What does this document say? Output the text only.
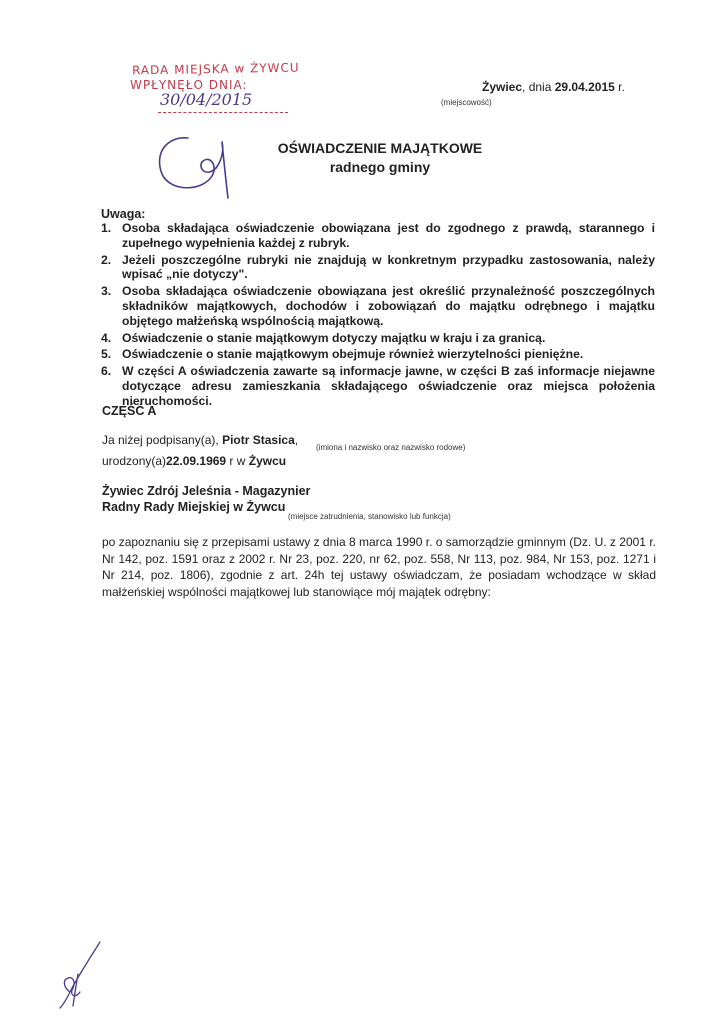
RADA MIEJSKA w ŻYWCU
WPŁYNĘŁO DNIA:
30/04/2015
Żywiec, dnia 29.04.2015 r.
(miejscowość)
OŚWIADCZENIE MAJĄTKOWE
radnego gminy
Uwaga:
1. Osoba składająca oświadczenie obowiązana jest do zgodnego z prawdą, starannego i zupełnego wypełnienia każdej z rubryk.
2. Jeżeli poszczególne rubryki nie znajdują w konkretnym przypadku zastosowania, należy wpisać „nie dotyczy".
3. Osoba składająca oświadczenie obowiązana jest określić przynależność poszczególnych składników majątkowych, dochodów i zobowiązań do majątku odrębnego i majątku objętego małżeńską wspólnością majątkową.
4. Oświadczenie o stanie majątkowym dotyczy majątku w kraju i za granicą.
5. Oświadczenie o stanie majątkowym obejmuje również wierzytelności pieniężne.
6. W części A oświadczenia zawarte są informacje jawne, w części B zaś informacje niejawne dotyczące adresu zamieszkania składającego oświadczenie oraz miejsca położenia nieruchomości.
CZĘŚĆ A
Ja niżej podpisany(a), Piotr Stasica,
(imiona i nazwisko oraz nazwisko rodowe)
urodzony(a)22.09.1969 r w Żywcu
Żywiec Zdrój Jeleśnia - Magazynier
Radny Rady Miejskiej w Żywcu
(miejsce zatrudnienia, stanowisko lub funkcja)
po zapoznaniu się z przepisami ustawy z dnia 8 marca 1990 r. o samorządzie gminnym (Dz. U. z 2001 r. Nr 142, poz. 1591 oraz z 2002 r. Nr 23, poz. 220, nr 62, poz. 558, Nr 113, poz. 984, Nr 153, poz. 1271 i Nr 214, poz. 1806), zgodnie z art. 24h tej ustawy oświadczam, że posiadam wchodzące w skład małżeńskiej wspólności majątkowej lub stanowiące mój majątek odrębny:
